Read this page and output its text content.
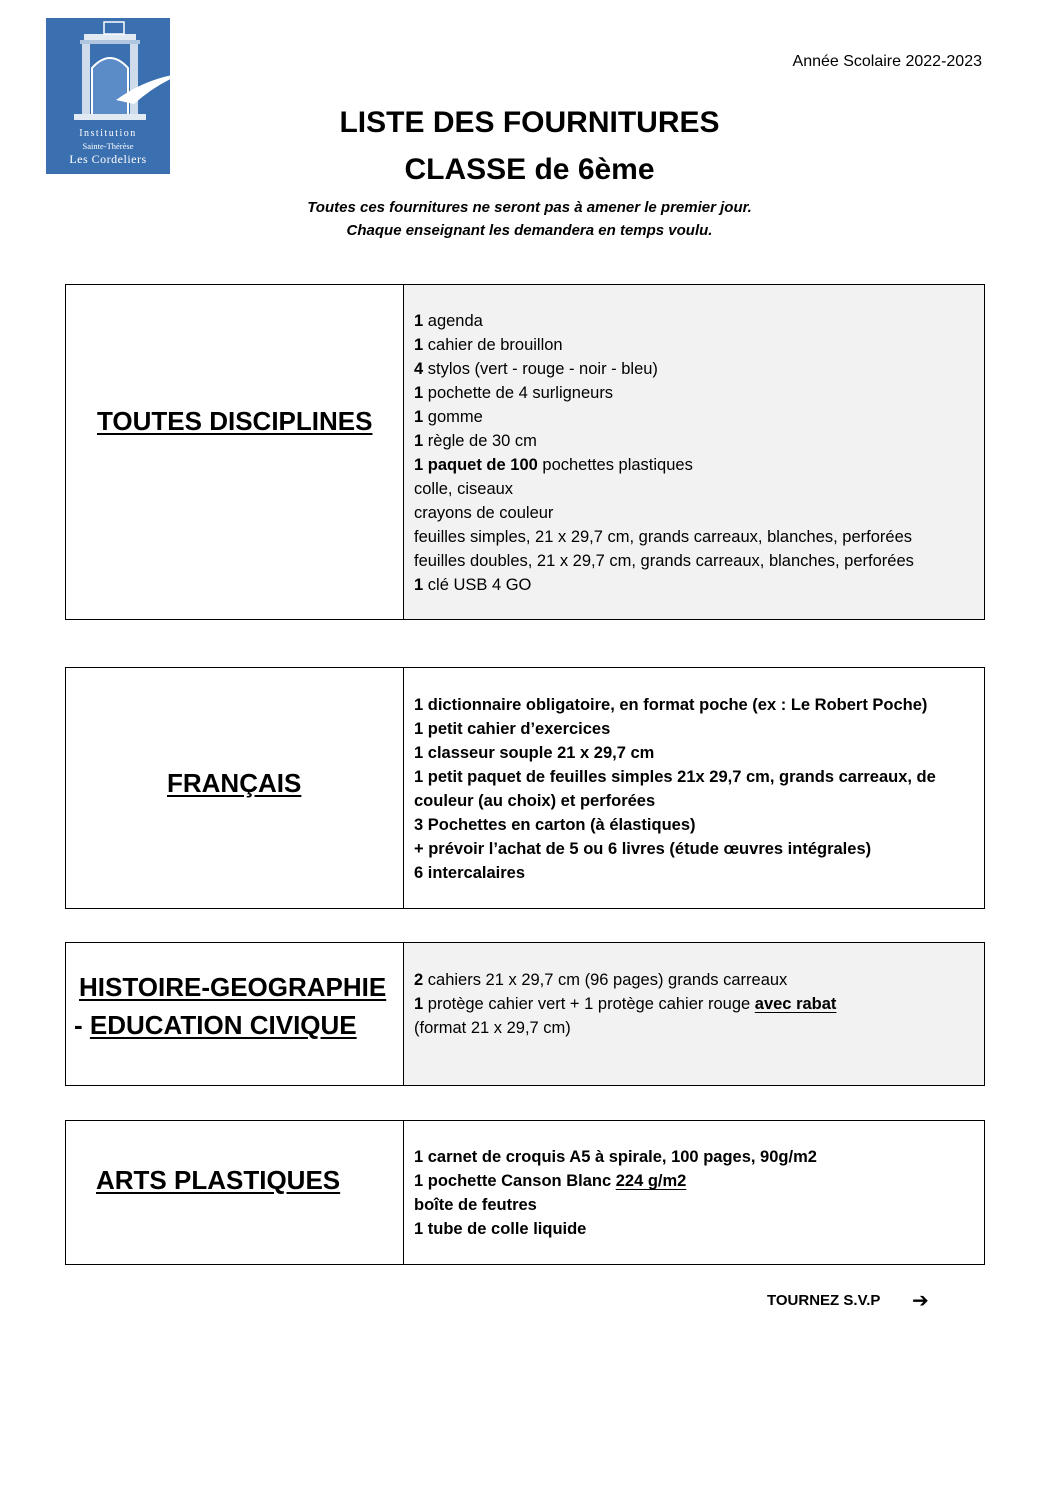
Institution
Sainte-Thérèse
Les Cordeliers
Année Scolaire 2022-2023
LISTE DES FOURNITURES
CLASSE de 6ème
Toutes ces fournitures ne seront pas à amener le premier jour.
Chaque enseignant les demandera en temps voulu.
TOUTES DISCIPLINES
1 agenda
1 cahier de brouillon
4 stylos (vert - rouge - noir - bleu)
1 pochette de 4 surligneurs
1 gomme
1 règle de 30 cm
1 paquet de 100 pochettes plastiques
colle, ciseaux
crayons de couleur
feuilles simples, 21 x 29,7 cm, grands carreaux, blanches, perforées
feuilles doubles, 21 x 29,7 cm, grands carreaux, blanches, perforées
1 clé USB 4 GO
FRANÇAIS
1 dictionnaire obligatoire, en format poche (ex : Le Robert Poche)
1 petit cahier d’exercices
1 classeur souple 21 x 29,7 cm
1 petit paquet de feuilles simples 21x 29,7 cm, grands carreaux, de
couleur (au choix) et perforées
3 Pochettes en carton (à élastiques)
+ prévoir l’achat de 5 ou 6 livres (étude œuvres intégrales)
6 intercalaires
HISTOIRE-GEOGRAPHIE
- EDUCATION CIVIQUE
2 cahiers 21 x 29,7 cm (96 pages) grands carreaux
1 protège cahier vert + 1 protège cahier rouge avec rabat
(format 21 x 29,7 cm)
ARTS PLASTIQUES
1 carnet de croquis A5 à spirale, 100 pages, 90g/m2
1 pochette Canson Blanc 224 g/m2
boîte de feutres
1 tube de colle liquide
TOURNEZ S.V.P ➔
